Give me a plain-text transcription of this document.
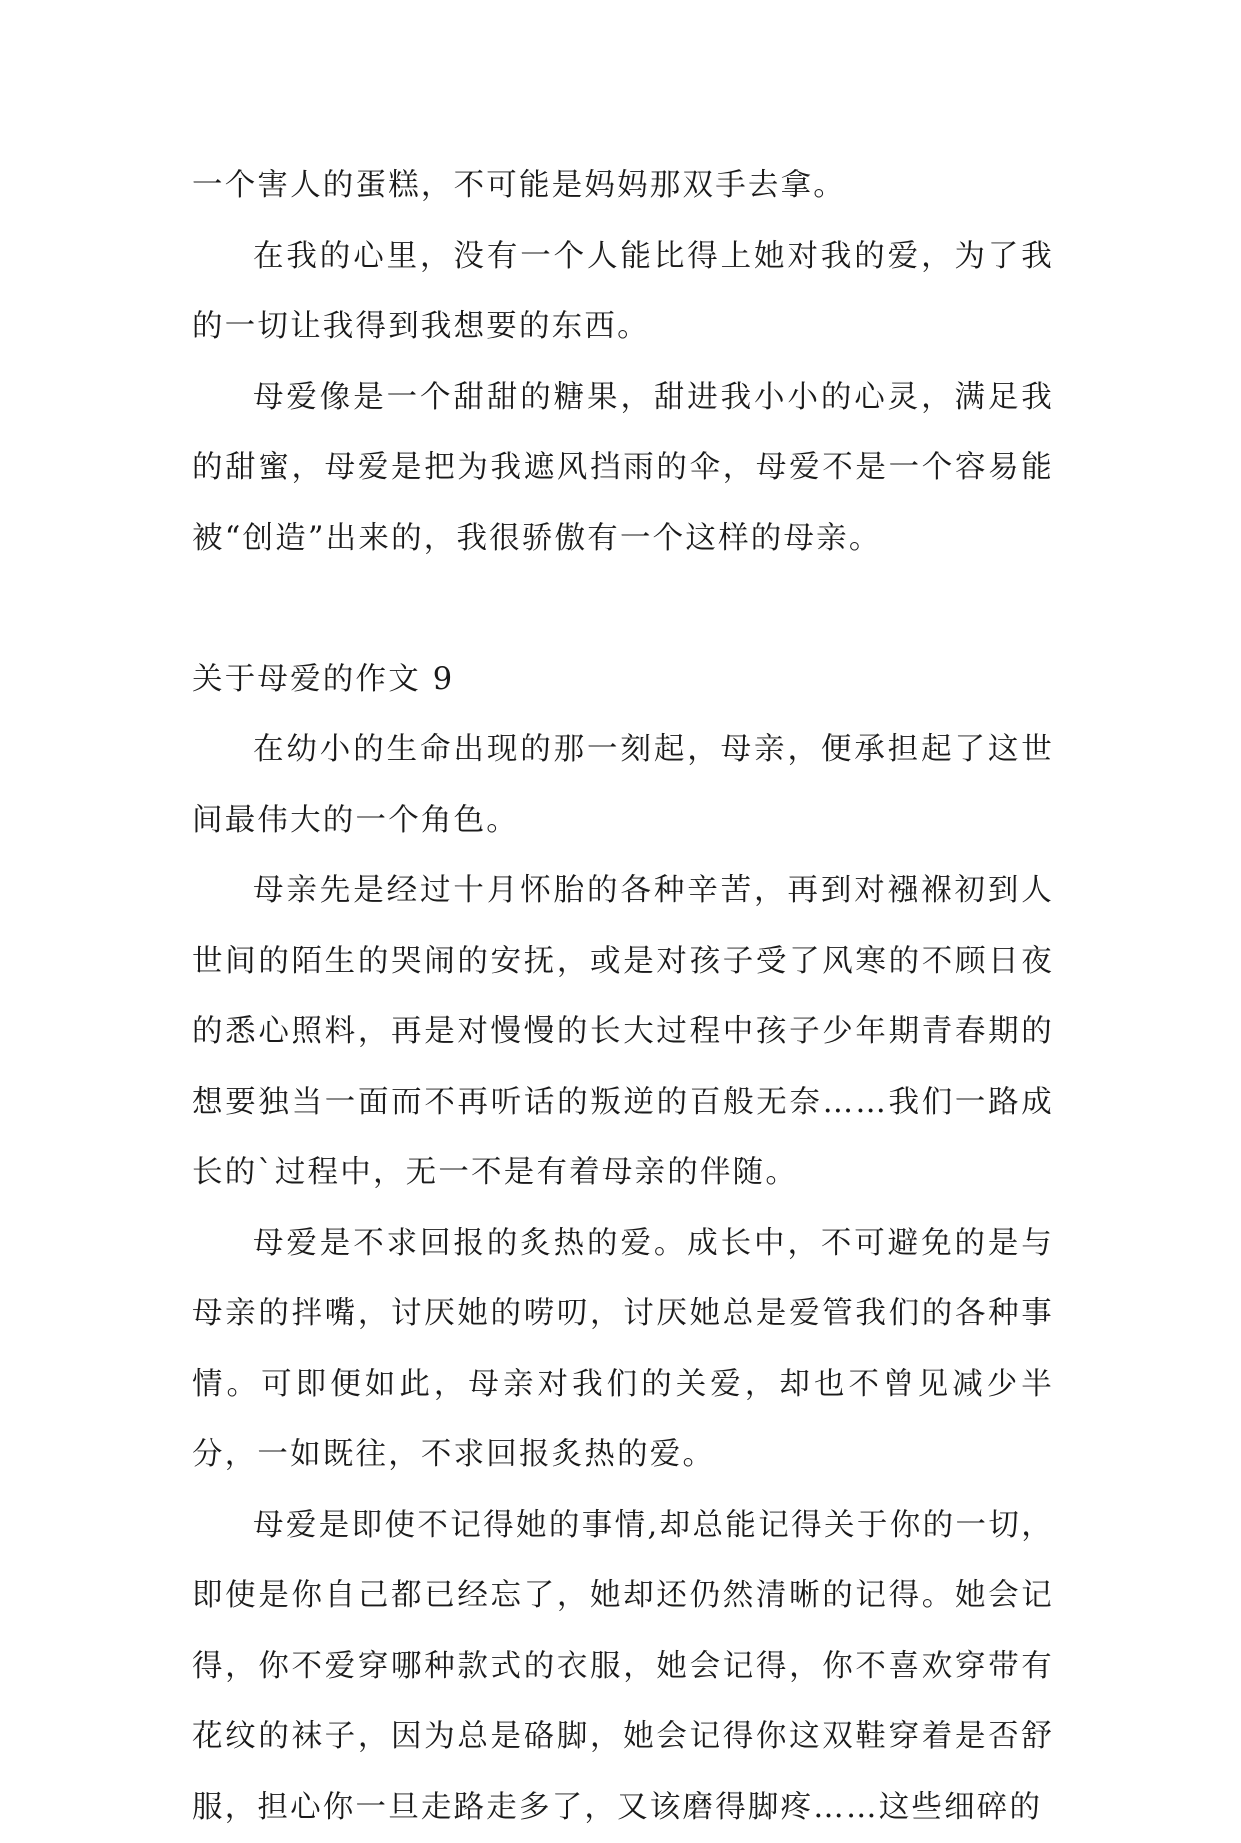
一个害人的蛋糕，不可能是妈妈那双手去拿。

在我的心里，没有一个人能比得上她对我的爱，为了我的一切让我得到我想要的东西。

母爱像是一个甜甜的糖果，甜进我小小的心灵，满足我的甜蜜，母爱是把为我遮风挡雨的伞，母爱不是一个容易能被“创造”出来的，我很骄傲有一个这样的母亲。

关于母爱的作文 9

在幼小的生命出现的那一刻起，母亲，便承担起了这世间最伟大的一个角色。

母亲先是经过十月怀胎的各种辛苦，再到对襁褓初到人世间的陌生的哭闹的安抚，或是对孩子受了风寒的不顾日夜的悉心照料，再是对慢慢的长大过程中孩子少年期青春期的想要独当一面而不再听话的叛逆的百般无奈……我们一路成长的`过程中，无一不是有着母亲的伴随。

母爱是不求回报的炙热的爱。成长中，不可避免的是与母亲的拌嘴，讨厌她的唠叨，讨厌她总是爱管我们的各种事情。可即便如此，母亲对我们的关爱，却也不曾见减少半分，一如既往，不求回报炙热的爱。

母爱是即使不记得她的事情,却总能记得关于你的一切，即使是你自己都已经忘了，她却还仍然清晰的记得。她会记得，你不爱穿哪种款式的衣服，她会记得，你不喜欢穿带有花纹的袜子，因为总是硌脚，她会记得你这双鞋穿着是否舒服，担心你一旦走路走多了，又该磨得脚疼……这些细碎的
